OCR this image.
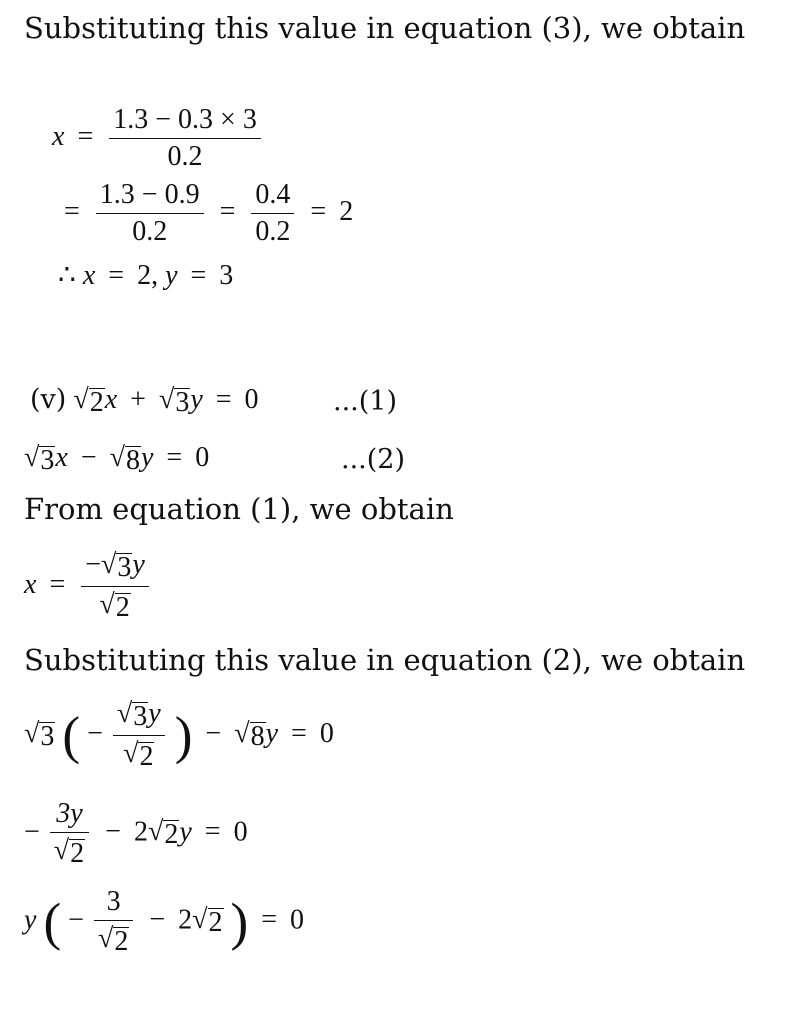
Substituting this value in equation (3), we obtain
$x = \frac{1.3 - 0.3 \times 3}{0.2}$
= $\frac{1.3 - 0.9}{0.2} = \frac{0.4}{0.2} = 2$
∴ x = 2, y = 3
(v) √ 2 x + √ 3 y = 0	...(1)
√ 3 x − √ 8 y = 0	...(2)
From equation (1), we obtain
$x = \frac{- √ 3 y}{√ 2}$
Substituting this value in equation (2), we obtain
√ 3 ( − $\frac{√ 3 y}{√ 2}$ ) − √ 8 y = 0
− $\frac{3y}{√ 2} - 2$ √ 2 y = 0
y ( − $\frac{3}{√ 2} - 2$ √ 2 ) = 0
